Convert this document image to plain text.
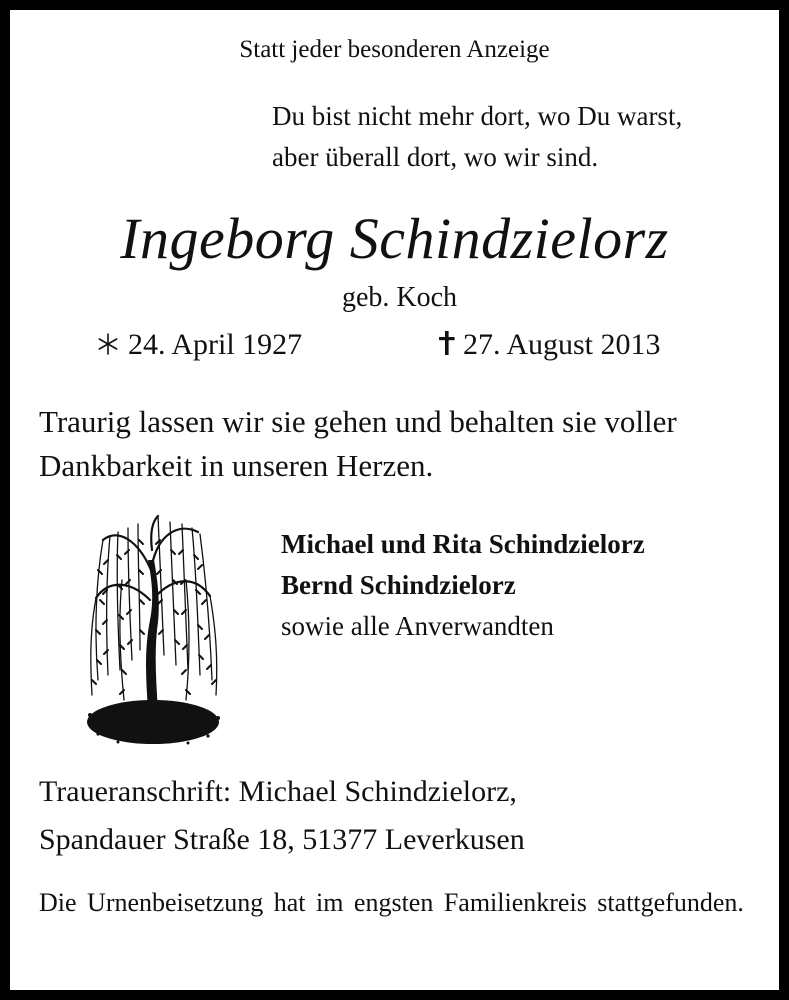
Statt jeder besonderen Anzeige
Du bist nicht mehr dort, wo Du warst,
aber überall dort, wo wir sind.
Ingeborg Schindzielorz
geb. Koch
24. April 1927	27. August 2013
Traurig lassen wir sie gehen und behalten sie voller
Dankbarkeit in unseren Herzen.
Michael und Rita Schindzielorz
Bernd Schindzielorz
sowie alle Anverwandten
Traueranschrift: Michael Schindzielorz,
Spandauer Straße 18, 51377 Leverkusen
Die Urnenbeisetzung hat im engsten Familienkreis stattgefunden.
